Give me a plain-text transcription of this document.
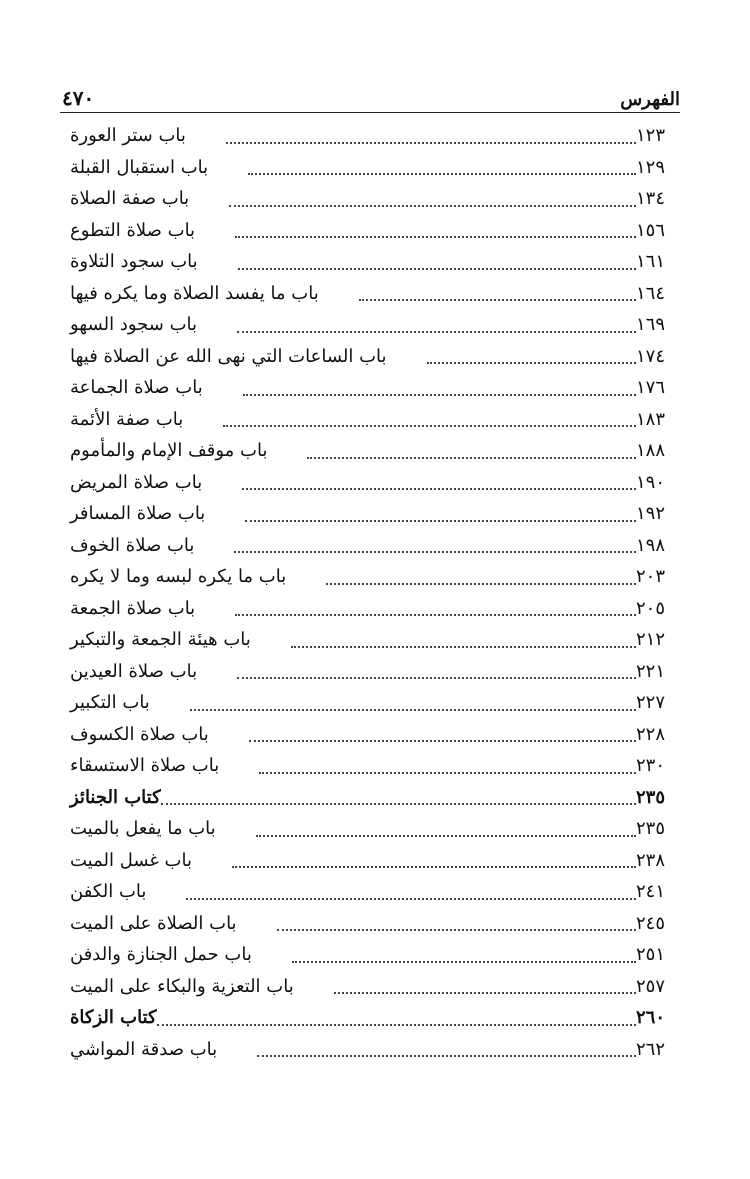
٤٧٠	الفهرس
باب ستر العورة	١٢٣
باب استقبال القبلة	١٢٩
باب صفة الصلاة	١٣٤
باب صلاة التطوع	١٥٦
باب سجود التلاوة	١٦١
باب ما يفسد الصلاة وما يكره فيها	١٦٤
باب سجود السهو	١٦٩
باب الساعات التي نهى الله عن الصلاة فيها	١٧٤
باب صلاة الجماعة	١٧٦
باب صفة الأئمة	١٨٣
باب موقف الإمام والمأموم	١٨٨
باب صلاة المريض	١٩٠
باب صلاة المسافر	١٩٢
باب صلاة الخوف	١٩٨
باب ما يكره لبسه وما لا يكره	٢٠٣
باب صلاة الجمعة	٢٠٥
باب هيئة الجمعة والتبكير	٢١٢
باب صلاة العيدين	٢٢١
باب التكبير	٢٢٧
باب صلاة الكسوف	٢٢٨
باب صلاة الاستسقاء	٢٣٠
كتاب الجنائز	٢٣٥
باب ما يفعل بالميت	٢٣٥
باب غسل الميت	٢٣٨
باب الكفن	٢٤١
باب الصلاة على الميت	٢٤٥
باب حمل الجنازة والدفن	٢٥١
باب التعزية والبكاء على الميت	٢٥٧
كتاب الزكاة	٢٦٠
باب صدقة المواشي	٢٦٢
